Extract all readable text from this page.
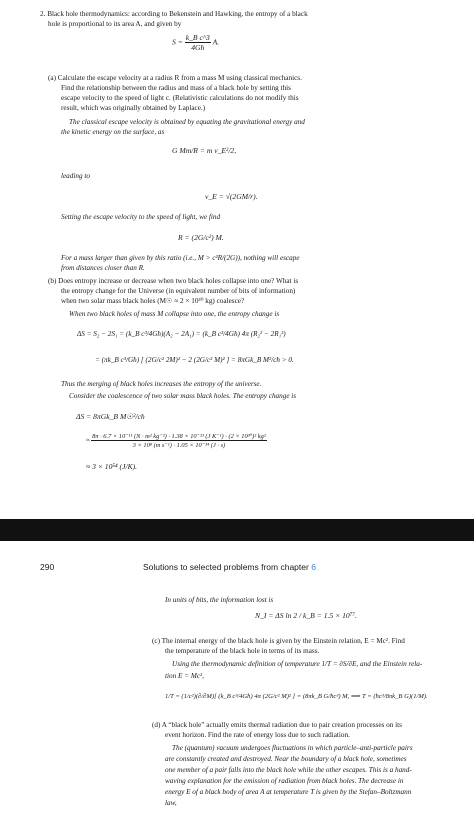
2. Black hole thermodynamics: according to Bekenstein and Hawking, the entropy of a black

hole is proportional to its area A, and given by

$S = \frac{\text{k\_B c\textasciicircum{}3}}{4Għ} A$.

(a) Calculate the escape velocity at a radius R from a mass M using classical mechanics.

Find the relationship between the radius and mass of a black hole by setting this

escape velocity to the speed of light c. (Relativistic calculations do not modify this

result, which was originally obtained by Laplace.)

The classical escape velocity is obtained by equating the gravitational energy and

the kinetic energy on the surface, as

G Mm/R = m v_E²/2,

leading to

v_E = √(2GM/r).

Setting the escape velocity to the speed of light, we find

R = (2G/c²) M.

For a mass larger than given by this ratio (i.e., M > c²R/(2G)), nothing will escape

from distances closer than R.

(b) Does entropy increase or decrease when two black holes collapse into one? What is

the entropy change for the Universe (in equivalent number of bits of information)

when two solar mass black holes (M☉ ≈ 2 × 10³⁰ kg) coalesce?

When two black holes of mass M collapse into one, the entropy change is

ΔS = S₂ − 2S₁ = (k_B c³/4Għ)(A₂ − 2A₁) = (k_B c³/4Għ) 4π (R₂² − 2R₁²)
= (πk_B c³/Għ) [ (2G/c² 2M)² − 2 (2G/c² M)² ] = 8πGk_B M²/cħ > 0.

Thus the merging of black holes increases the entropy of the universe.

Consider the coalescence of two solar mass black holes. The entropy change is

ΔS = 8πGk_B M☉²/cħ
≈
8π · 6.7 × 10⁻¹¹ (N · m² kg⁻²) · 1.38 × 10⁻²³ (J K⁻¹) · (2 × 10³⁰)² kg²
3 × 10⁸ (m s⁻¹) · 1.05 × 10⁻³⁴ (J · s)
≈ 3 × 10⁵⁴ (J/K).
290	Solutions to selected problems from chapter 6

In units of bits, the information lost is

N_I = ΔS ln 2 / k_B = 1.5 × 10⁷⁷.

(c) The internal energy of the black hole is given by the Einstein relation, E = Mc². Find

the temperature of the black hole in terms of its mass.

Using the thermodynamic definition of temperature 1/T = ∂S/∂E, and the Einstein rela-

tion E = Mc²,

1/T = (1/c²)(∂/∂M)[ (k_B c³/4Għ) 4π (2G/c² M)² ] = (8πk_B G/ħc³) M, ⟹ T = (ħc³/8πk_B G)(1/M).

(d) A “black hole” actually emits thermal radiation due to pair creation processes on its

event horizon. Find the rate of energy loss due to such radiation.

The (quantum) vacuum undergoes fluctuations in which particle–anti-particle pairs

are constantly created and destroyed. Near the boundary of a black hole, sometimes

one member of a pair falls into the black hole while the other escapes. This is a hand-

waving explanation for the emission of radiation from black holes. The decrease in

energy E of a black body of area A at temperature T is given by the Stefan–Boltzmann

law,
